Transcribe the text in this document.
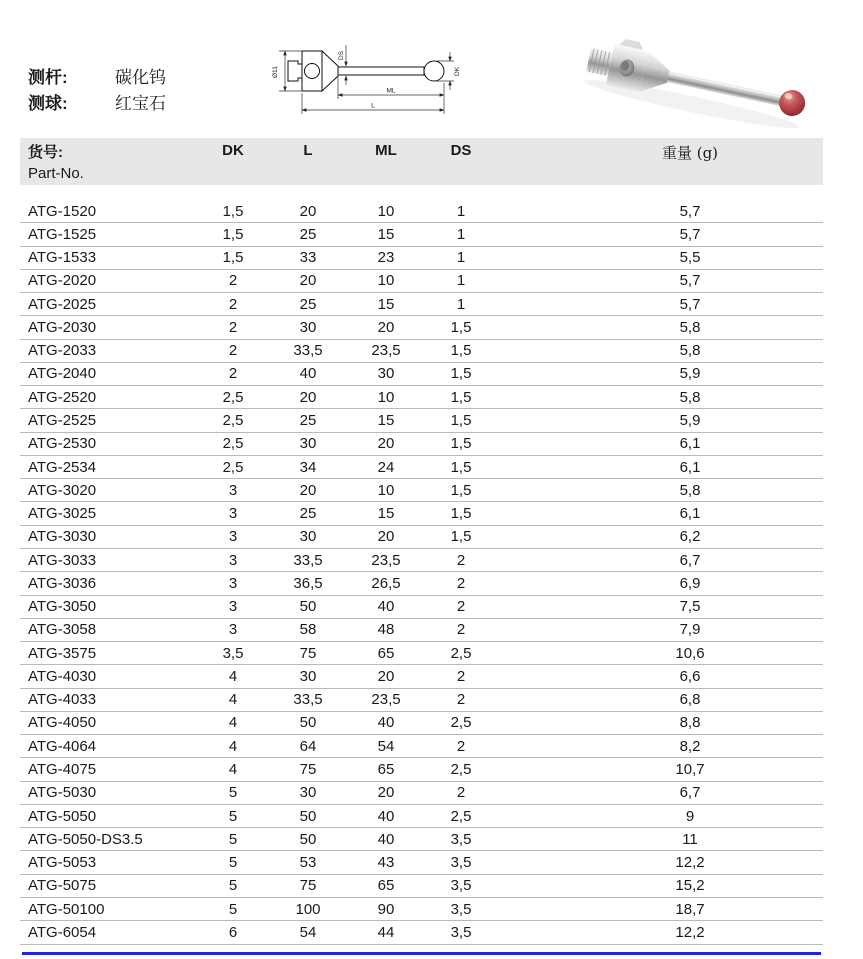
测杆:	碳化钨
测球:	红宝石
Ø11
DS
DK
ML
L
货号:
Part-No.
DK	L	ML	DS	重量 (g)
ATG-1520	1,5	20	10	1	5,7
ATG-1525	1,5	25	15	1	5,7
ATG-1533	1,5	33	23	1	5,5
ATG-2020	2	20	10	1	5,7
ATG-2025	2	25	15	1	5,7
ATG-2030	2	30	20	1,5	5,8
ATG-2033	2	33,5	23,5	1,5	5,8
ATG-2040	2	40	30	1,5	5,9
ATG-2520	2,5	20	10	1,5	5,8
ATG-2525	2,5	25	15	1,5	5,9
ATG-2530	2,5	30	20	1,5	6,1
ATG-2534	2,5	34	24	1,5	6,1
ATG-3020	3	20	10	1,5	5,8
ATG-3025	3	25	15	1,5	6,1
ATG-3030	3	30	20	1,5	6,2
ATG-3033	3	33,5	23,5	2	6,7
ATG-3036	3	36,5	26,5	2	6,9
ATG-3050	3	50	40	2	7,5
ATG-3058	3	58	48	2	7,9
ATG-3575	3,5	75	65	2,5	10,6
ATG-4030	4	30	20	2	6,6
ATG-4033	4	33,5	23,5	2	6,8
ATG-4050	4	50	40	2,5	8,8
ATG-4064	4	64	54	2	8,2
ATG-4075	4	75	65	2,5	10,7
ATG-5030	5	30	20	2	6,7
ATG-5050	5	50	40	2,5	9
ATG-5050-DS3.5	5	50	40	3,5	11
ATG-5053	5	53	43	3,5	12,2
ATG-5075	5	75	65	3,5	15,2
ATG-50100	5	100	90	3,5	18,7
ATG-6054	6	54	44	3,5	12,2
